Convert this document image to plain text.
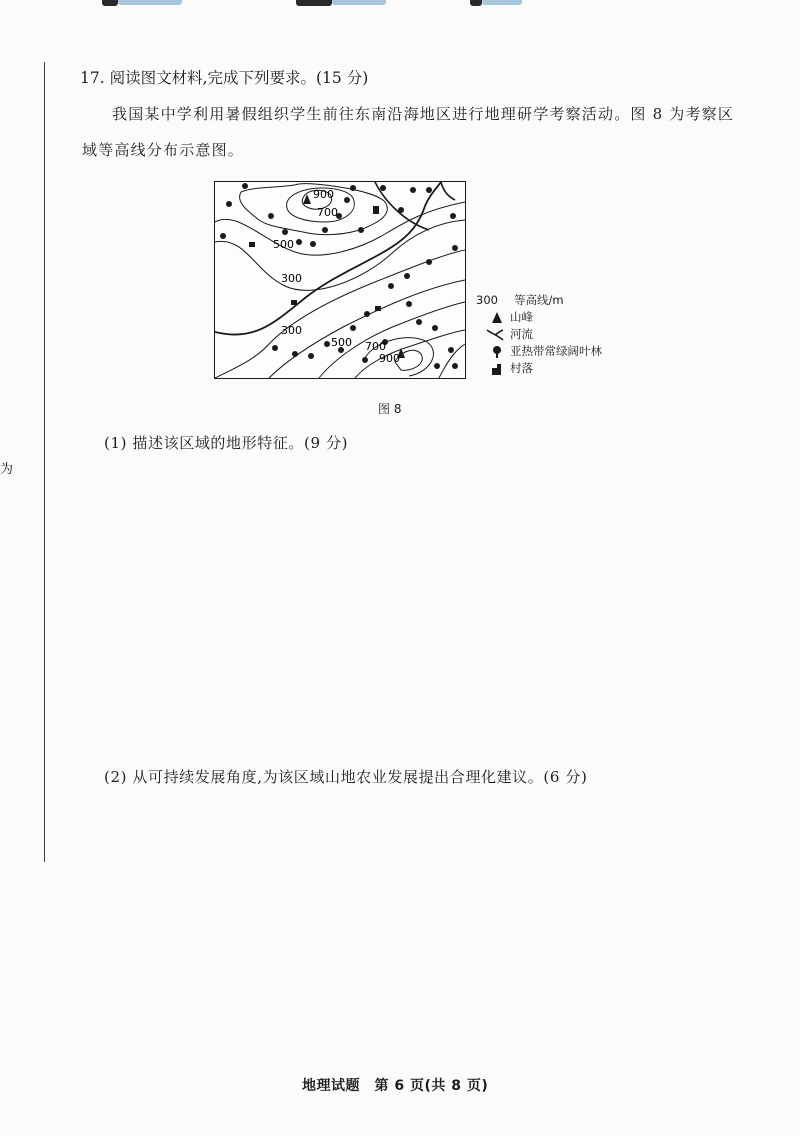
为
17. 阅读图文材料,完成下列要求。(15 分)
我国某中学利用暑假组织学生前往东南沿海地区进行地理研学考察活动。图 8 为考察区域等高线分布示意图。
900
700
500
300
300
500 700
900
300 等高线/m
山峰
河流
亚热带常绿阔叶林
村落
图 8
(1) 描述该区域的地形特征。(9 分)
(2) 从可持续发展角度,为该区域山地农业发展提出合理化建议。(6 分)
地理试题　第 6 页(共 8 页)
